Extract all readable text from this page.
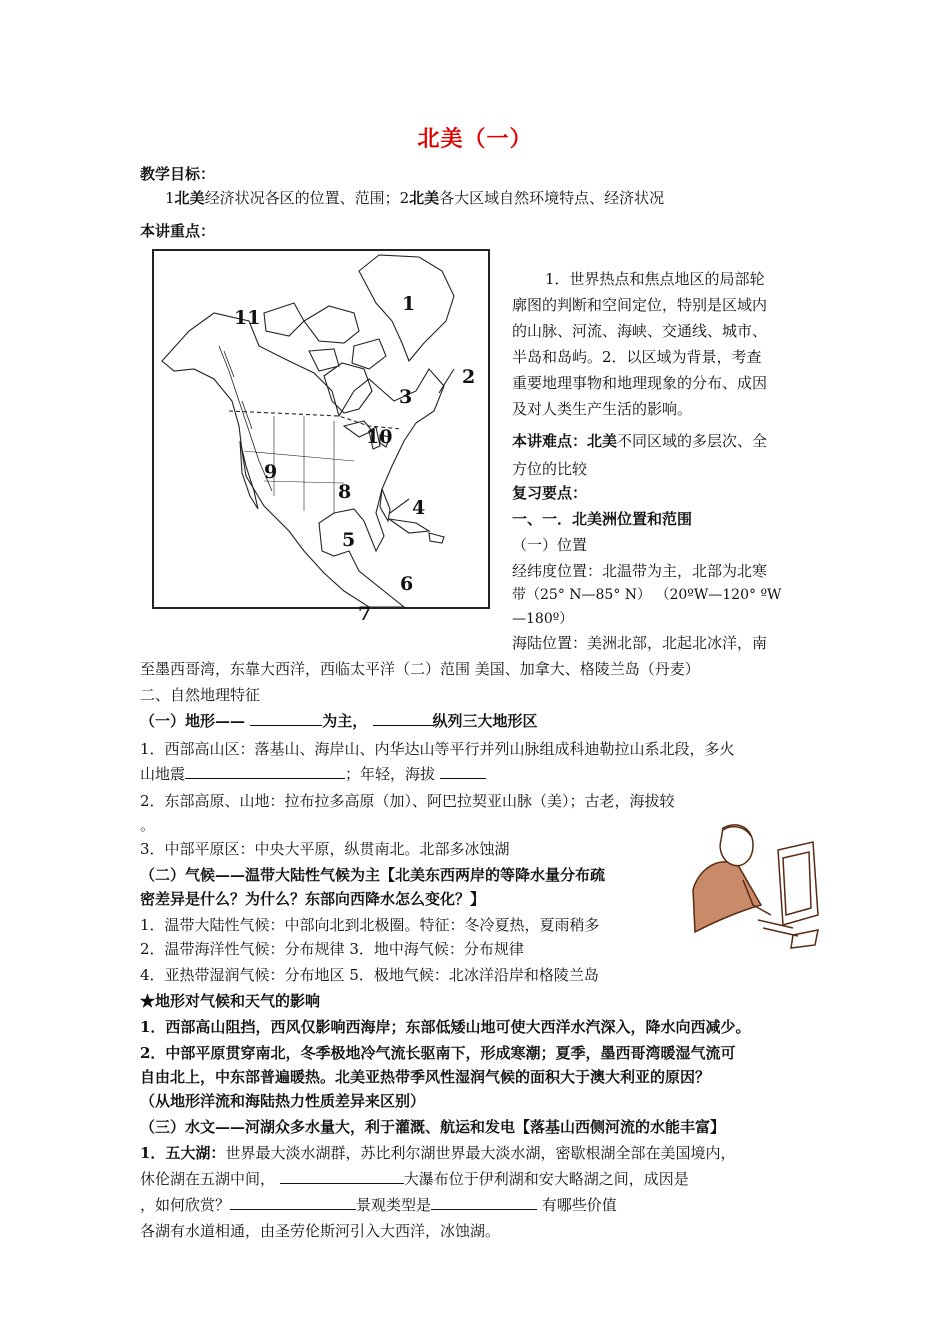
北美（一）
教学目标：
1北美经济状况各区的位置、范围；2北美各大区域自然环境特点、经济状况
本讲重点：
1
2
3
4
5
6
7
8
9
10
11
1．世界热点和焦点地区的局部轮
廓图的判断和空间定位，特别是区域内
的山脉、河流、海峡、交通线、城市、
半岛和岛屿。2．以区域为背景，考查
重要地理事物和地理现象的分布、成因
及对人类生产生活的影响。
本讲难点：北美不同区域的多层次、全
方位的比较
复习要点：
一、一．北美洲位置和范围
（一）位置
经纬度位置：北温带为主，北部为北寒
带（25° N—85° N） （20ºW—120° ºW
—180º）
海陆位置：美洲北部，北起北冰洋，南
至墨西哥湾，东靠大西洋，西临太平洋（二）范围 美国、加拿大、格陵兰岛（丹麦）
二、自然地理特征
（一）地形——	为主，	纵列三大地形区
1．西部高山区：落基山、海岸山、内华达山等平行并列山脉组成科迪勒拉山系北段，多火
山地震	；年轻，海拔
2．东部高原、山地：拉布拉多高原（加）、阿巴拉契亚山脉（美）；古老，海拔较
。
3．中部平原区：中央大平原，纵贯南北。北部多冰蚀湖
（二）气候——温带大陆性气候为主【北美东西两岸的等降水量分布疏
密差异是什么？为什么？东部向西降水怎么变化？】
1．温带大陆性气候：中部向北到北极圈。特征：冬冷夏热，夏雨稍多
2．温带海洋性气候：分布规律 3．地中海气候：分布规律
4．亚热带湿润气候：分布地区 5．极地气候：北冰洋沿岸和格陵兰岛
★地形对气候和天气的影响
1．西部高山阻挡，西风仅影响西海岸；东部低矮山地可使大西洋水汽深入，降水向西减少。
2．中部平原贯穿南北，冬季极地冷气流长驱南下，形成寒潮；夏季，墨西哥湾暖湿气流可
自由北上，中东部普遍暖热。北美亚热带季风性湿润气候的面积大于澳大利亚的原因？
（从地形洋流和海陆热力性质差异来区别）
（三）水文——河湖众多水量大，利于灌溉、航运和发电【落基山西侧河流的水能丰富】
1．五大湖：世界最大淡水湖群，苏比利尔湖世界最大淡水湖，密歇根湖全部在美国境内，
休伦湖在五湖中间，	大瀑布位于伊利湖和安大略湖之间，成因是
，如何欣赏？	景观类型是	有哪些价值
各湖有水道相通，由圣劳伦斯河引入大西洋，冰蚀湖。
